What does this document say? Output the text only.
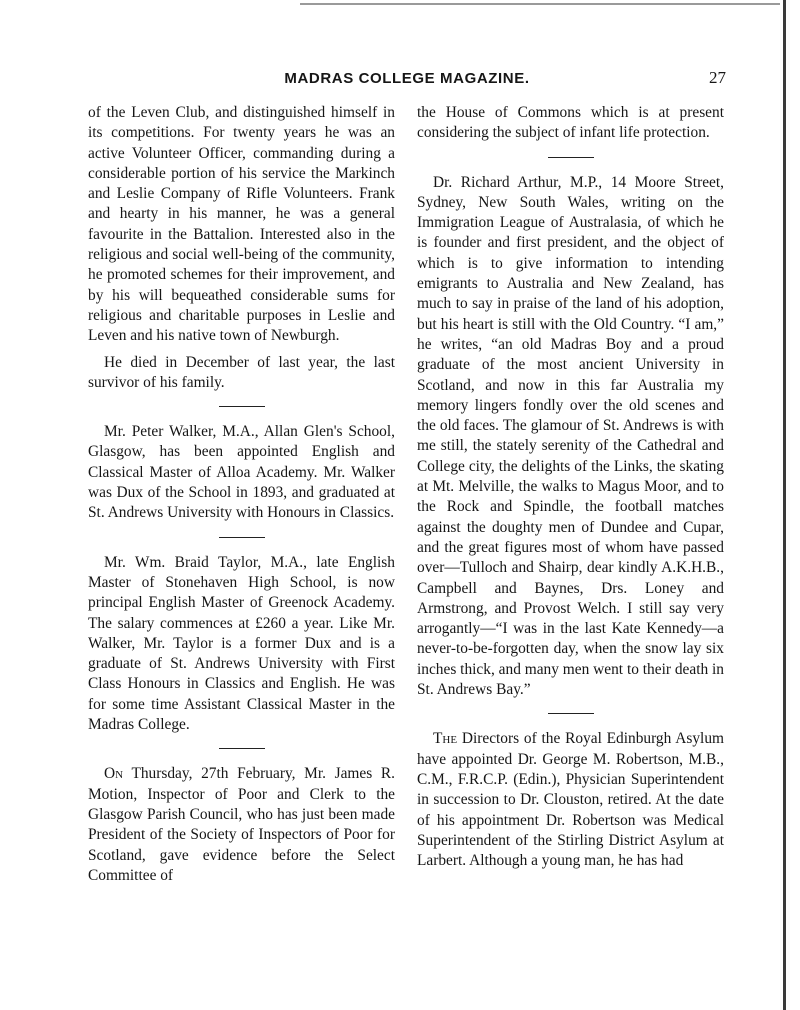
MADRAS COLLEGE MAGAZINE.	27

of the Leven Club, and distinguished himself in its competitions. For twenty years he was an active Volunteer Officer, commanding during a considerable portion of his service the Markinch and Leslie Company of Rifle Volunteers. Frank and hearty in his manner, he was a general favourite in the Battalion. Interested also in the religious and social well-being of the community, he promoted schemes for their improvement, and by his will bequeathed considerable sums for religious and charitable purposes in Leslie and Leven and his native town of Newburgh.

He died in December of last year, the last survivor of his family.

Mr. Peter Walker, M.A., Allan Glen's School, Glasgow, has been appointed English and Classical Master of Alloa Academy. Mr. Walker was Dux of the School in 1893, and graduated at St. Andrews University with Honours in Classics.

Mr. Wm. Braid Taylor, M.A., late English Master of Stonehaven High School, is now principal English Master of Greenock Academy. The salary commences at £260 a year. Like Mr. Walker, Mr. Taylor is a former Dux and is a graduate of St. Andrews University with First Class Honours in Classics and English. He was for some time Assistant Classical Master in the Madras College.

On Thursday, 27th February, Mr. James R. Motion, Inspector of Poor and Clerk to the Glasgow Parish Council, who has just been made President of the Society of Inspectors of Poor for Scotland, gave evidence before the Select Committee of

the House of Commons which is at present considering the subject of infant life protection.

Dr. Richard Arthur, M.P., 14 Moore Street, Sydney, New South Wales, writing on the Immigration League of Australasia, of which he is founder and first president, and the object of which is to give information to intending emigrants to Australia and New Zealand, has much to say in praise of the land of his adoption, but his heart is still with the Old Country. “I am,” he writes, “an old Madras Boy and a proud graduate of the most ancient University in Scotland, and now in this far Australia my memory lingers fondly over the old scenes and the old faces. The glamour of St. Andrews is with me still, the stately serenity of the Cathedral and College city, the delights of the Links, the skating at Mt. Melville, the walks to Magus Moor, and to the Rock and Spindle, the football matches against the doughty men of Dundee and Cupar, and the great figures most of whom have passed over—Tulloch and Shairp, dear kindly A.K.H.B., Campbell and Baynes, Drs. Loney and Armstrong, and Provost Welch. I still say very arrogantly—“I was in the last Kate Kennedy—a never-to-be-forgotten day, when the snow lay six inches thick, and many men went to their death in St. Andrews Bay.”

The Directors of the Royal Edinburgh Asylum have appointed Dr. George M. Robertson, M.B., C.M., F.R.C.P. (Edin.), Physician Superintendent in succession to Dr. Clouston, retired. At the date of his appointment Dr. Robertson was Medical Superintendent of the Stirling District Asylum at Larbert. Although a young man, he has had
